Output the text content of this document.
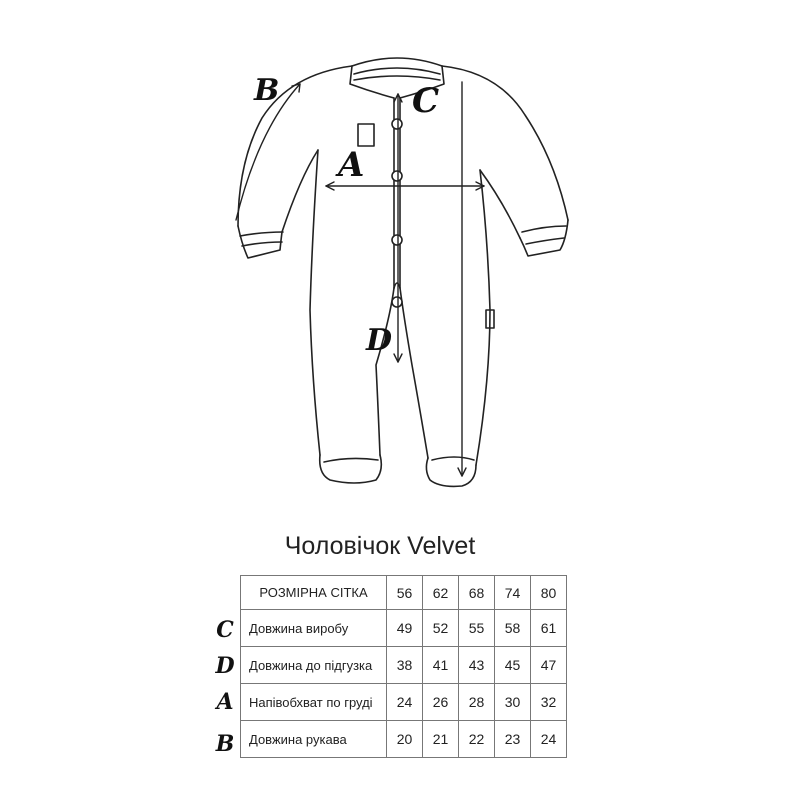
B	C
A
D
Чоловічок Velvet
C
D
A
B
РОЗМІРНА СІТКА	56	62	68	74	80
Довжина виробу	49	52	55	58	61
Довжина до підгузка	38	41	43	45	47
Напівобхват по груді	24	26	28	30	32
Довжина рукава	20	21	22	23	24
